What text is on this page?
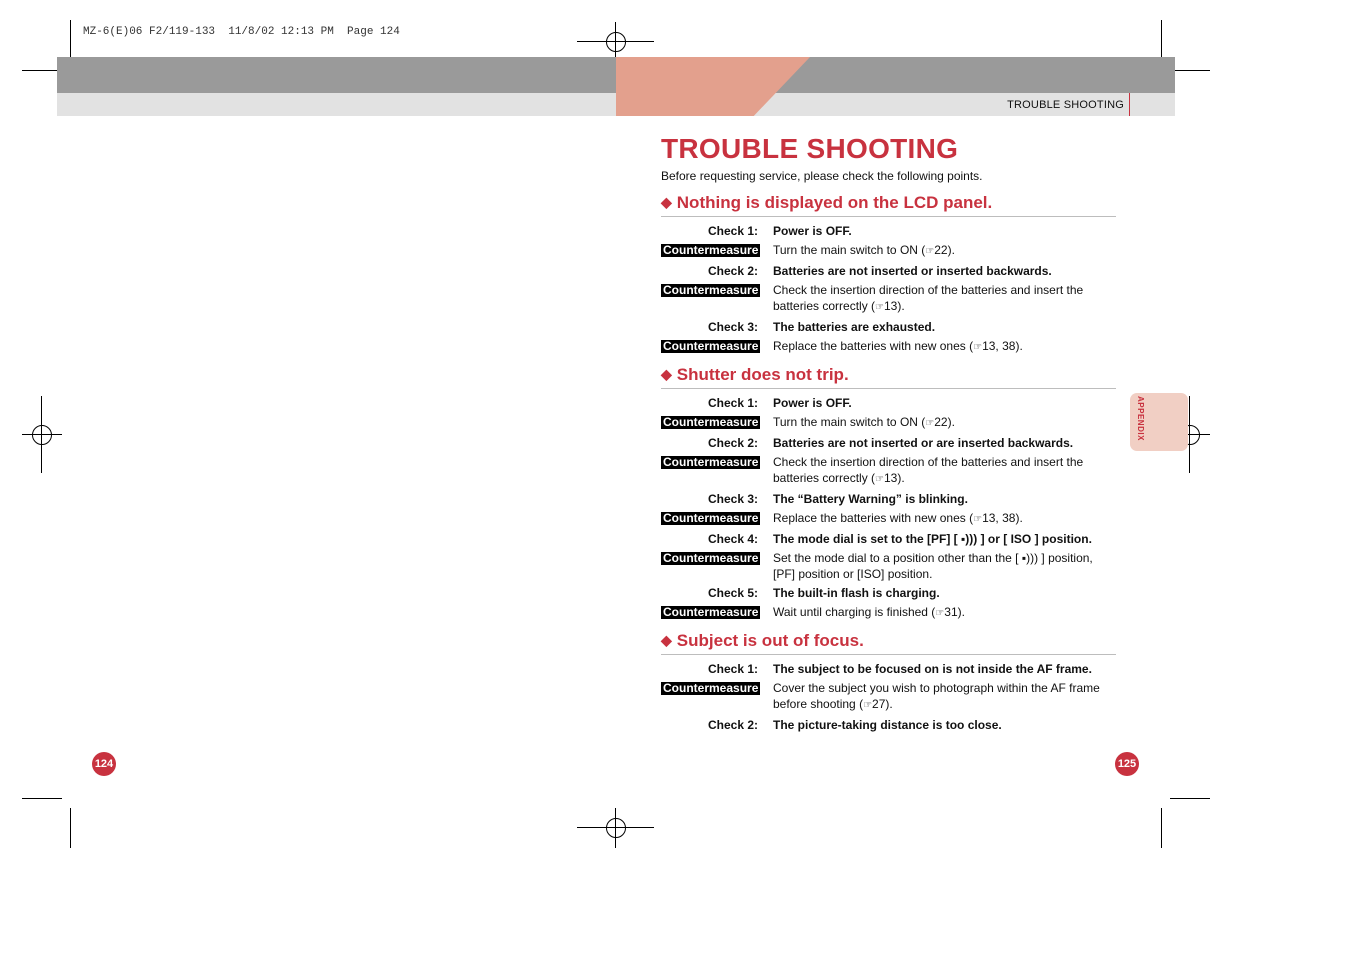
MZ-6(E)06 F2/119-133  11/8/02 12:13 PM  Page 124
TROUBLE SHOOTING
TROUBLE SHOOTING
Before requesting service, please check the following points.
◆ Nothing is displayed on the LCD panel.
Check 1:	Power is OFF.
Countermeasure	Turn the main switch to ON (☞22).
Check 2:	Batteries are not inserted or inserted backwards.
Countermeasure	Check the insertion direction of the batteries and insert the batteries correctly (☞13).
Check 3:	The batteries are exhausted.
Countermeasure	Replace the batteries with new ones (☞13, 38).
◆ Shutter does not trip.
Check 1:	Power is OFF.
Countermeasure	Turn the main switch to ON (☞22).
Check 2:	Batteries are not inserted or are inserted backwards.
Countermeasure	Check the insertion direction of the batteries and insert the batteries correctly (☞13).
Check 3:	The “Battery Warning” is blinking.
Countermeasure	Replace the batteries with new ones (☞13, 38).
Check 4:	The mode dial is set to the [PF] [ ▪))) ] or [ ISO ] position.
Countermeasure	Set the mode dial to a position other than the [ ▪))) ] position, [PF] position or [ISO] position.
Check 5:	The built-in flash is charging.
Countermeasure	Wait until charging is finished (☞31).
◆ Subject is out of focus.
Check 1:	The subject to be focused on is not inside the AF frame.
Countermeasure	Cover the subject you wish to photograph within the AF frame before shooting (☞27).
Check 2:	The picture-taking distance is too close.
APPENDIX
124	125
